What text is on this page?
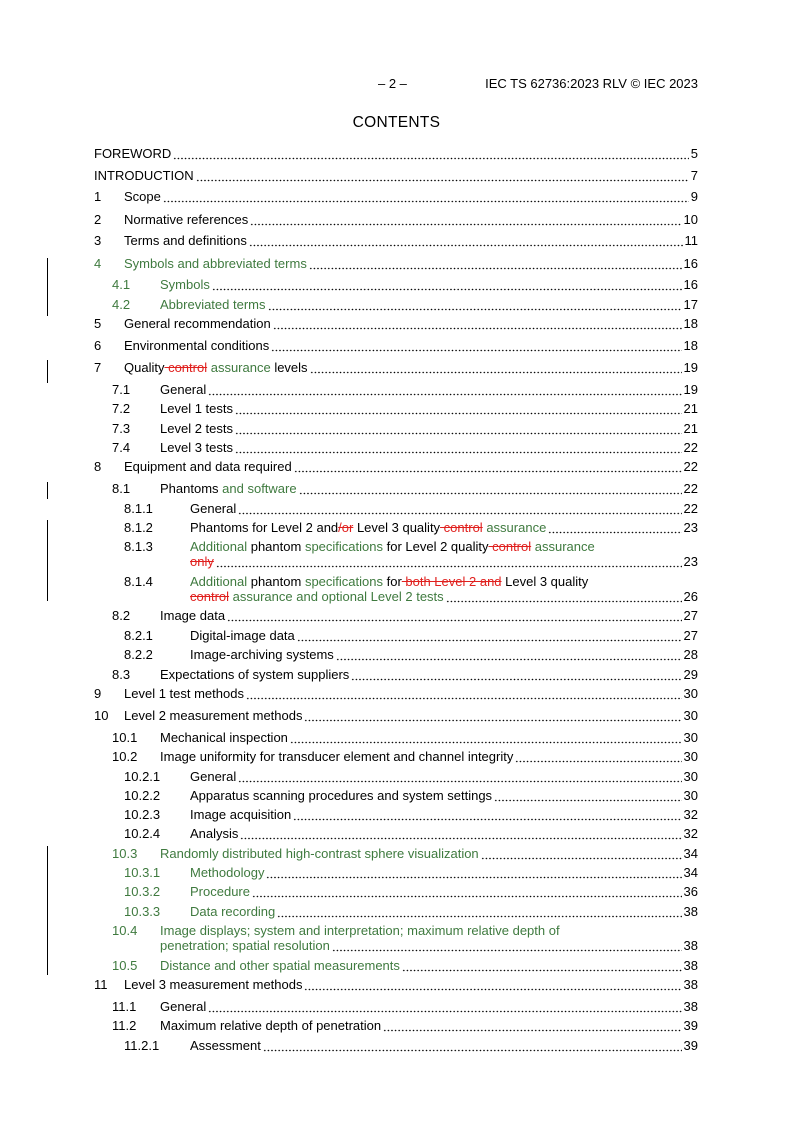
– 2 –	IEC TS 62736:2023 RLV © IEC 2023
CONTENTS
FOREWORD	5
INTRODUCTION	7
1 Scope	9
2 Normative references	10
3 Terms and definitions	11
4 Symbols and abbreviated terms	16
4.1 Symbols	16
4.2 Abbreviated terms	17
5 General recommendation	18
6 Environmental conditions	18
7 Quality control assurance levels	19
7.1 General	19
7.2 Level 1 tests	21
7.3 Level 2 tests	21
7.4 Level 3 tests	22
8 Equipment and data required	22
8.1 Phantoms and software	22
8.1.1	General	22
8.1.2	Phantoms for Level 2 and/or Level 3 quality control assurance	23
8.1.3	Additional phantom specifications for Level 2 quality control assurance
only	23
8.1.4	Additional phantom specifications for both Level 2 and Level 3 quality
control assurance and optional Level 2 tests	26
8.2 Image data	27
8.2.1	Digital-image data	27
8.2.2	Image-archiving systems	28
8.3 Expectations of system suppliers	29
9 Level 1 test methods	30
10 Level 2 measurement methods	30
10.1 Mechanical inspection	30
10.2 Image uniformity for transducer element and channel integrity	30
10.2.1 General	30
10.2.2 Apparatus scanning procedures and system settings	30
10.2.3 Image acquisition	32
10.2.4 Analysis	32
10.3 Randomly distributed high-contrast sphere visualization	34
10.3.1 Methodology	34
10.3.2 Procedure	36
10.3.3 Data recording	38
10.4 Image displays; system and interpretation; maximum relative depth of
penetration; spatial resolution	38
10.5 Distance and other spatial measurements	38
11 Level 3 measurement methods	38
11.1 General	38
11.2 Maximum relative depth of penetration	39
11.2.1 Assessment	39
